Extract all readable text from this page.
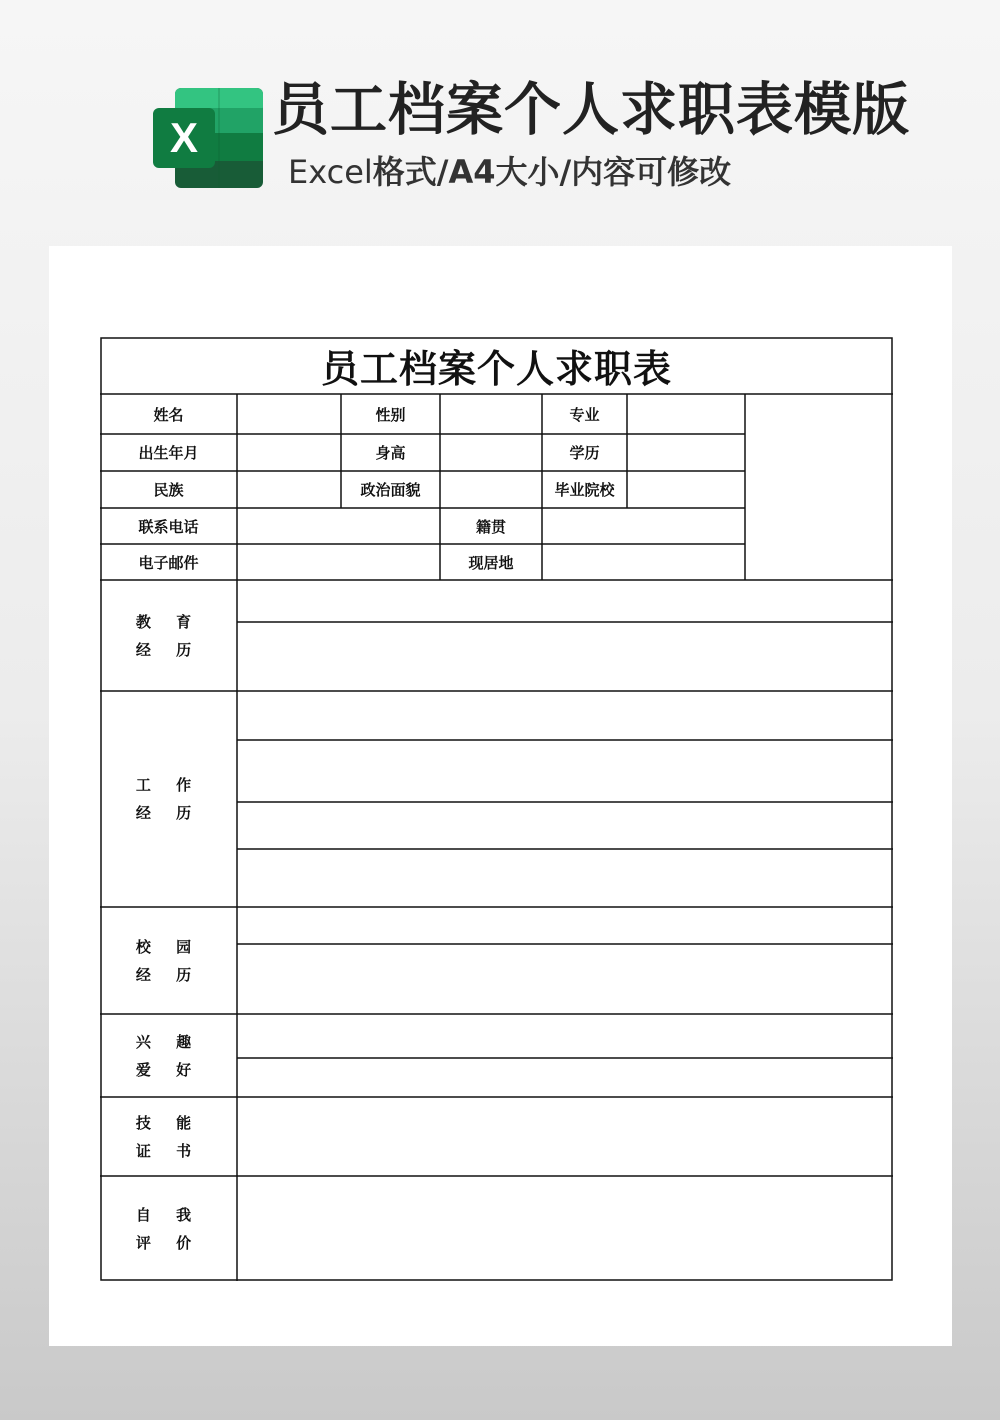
X 员工档案个人求职表模版
Excel格式/A4大小/内容可修改
员工档案个人求职表
姓名	性别	专业
出生年月	身高	学历
民族	政治面貌	毕业院校
联系电话	籍贯
电子邮件	现居地
教 育
经 历
工 作
经 历
校 园
经 历
兴 趣
爱 好
技 能
证 书
自 我
评 价
